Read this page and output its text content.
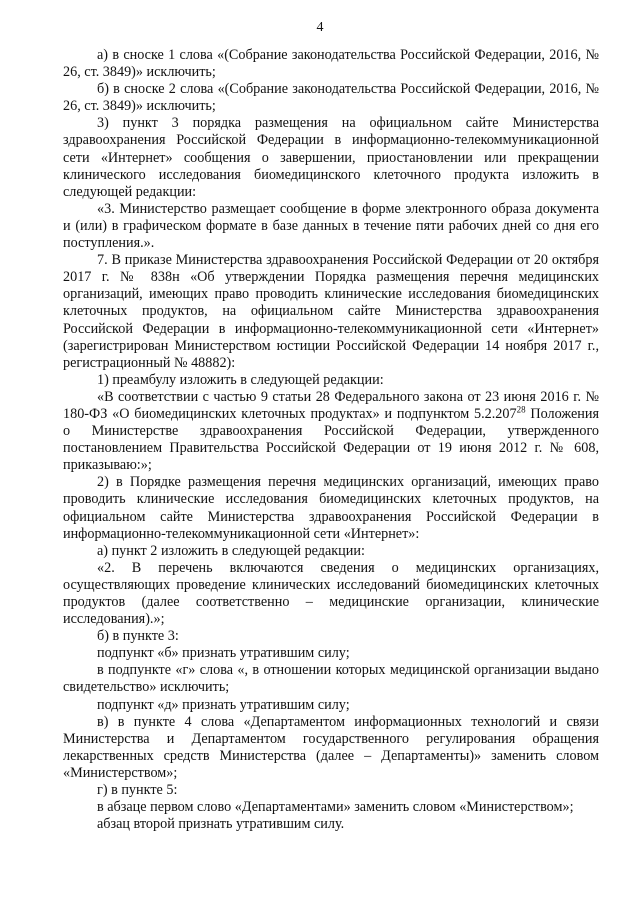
4

а) в сноске 1 слова «(Собрание законодательства Российской Федерации, 2016, № 26, ст. 3849)» исключить;

б) в сноске 2 слова «(Собрание законодательства Российской Федерации, 2016, № 26, ст. 3849)» исключить;

3) пункт 3 порядка размещения на официальном сайте Министерства здравоохранения Российской Федерации в информационно-телекоммуникационной сети «Интернет» сообщения о завершении, приостановлении или прекращении клинического исследования биомедицинского клеточного продукта изложить в следующей редакции:

«3. Министерство размещает сообщение в форме электронного образа документа и (или) в графическом формате в базе данных в течение пяти рабочих дней со дня его поступления.».

7. В приказе Министерства здравоохранения Российской Федерации от 20 октября 2017 г. № 838н «Об утверждении Порядка размещения перечня медицинских организаций, имеющих право проводить клинические исследования биомедицинских клеточных продуктов, на официальном сайте Министерства здравоохранения Российской Федерации в информационно-телекоммуникационной сети «Интернет» (зарегистрирован Министерством юстиции Российской Федерации 14 ноября 2017 г., регистрационный № 48882):

1) преамбулу изложить в следующей редакции:

«В соответствии с частью 9 статьи 28 Федерального закона от 23 июня 2016 г. № 180-ФЗ «О биомедицинских клеточных продуктах» и подпунктом 5.2.207$^{28}$ Положения о Министерстве здравоохранения Российской Федерации, утвержденного постановлением Правительства Российской Федерации от 19 июня 2012 г. № 608, приказываю:»;

2) в Порядке размещения перечня медицинских организаций, имеющих право проводить клинические исследования биомедицинских клеточных продуктов, на официальном сайте Министерства здравоохранения Российской Федерации в информационно-телекоммуникационной сети «Интернет»:

а) пункт 2 изложить в следующей редакции:

«2. В перечень включаются сведения о медицинских организациях, осуществляющих проведение клинических исследований биомедицинских клеточных продуктов (далее соответственно – медицинские организации, клинические исследования).»;

б) в пункте 3:

подпункт «б» признать утратившим силу;

в подпункте «г» слова «, в отношении которых медицинской организации выдано свидетельство» исключить;

подпункт «д» признать утратившим силу;

в) в пункте 4 слова «Департаментом информационных технологий и связи Министерства и Департаментом государственного регулирования обращения лекарственных средств Министерства (далее – Департаменты)» заменить словом «Министерством»;

г) в пункте 5:

в абзаце первом слово «Департаментами» заменить словом «Министерством»;

абзац второй признать утратившим силу.
